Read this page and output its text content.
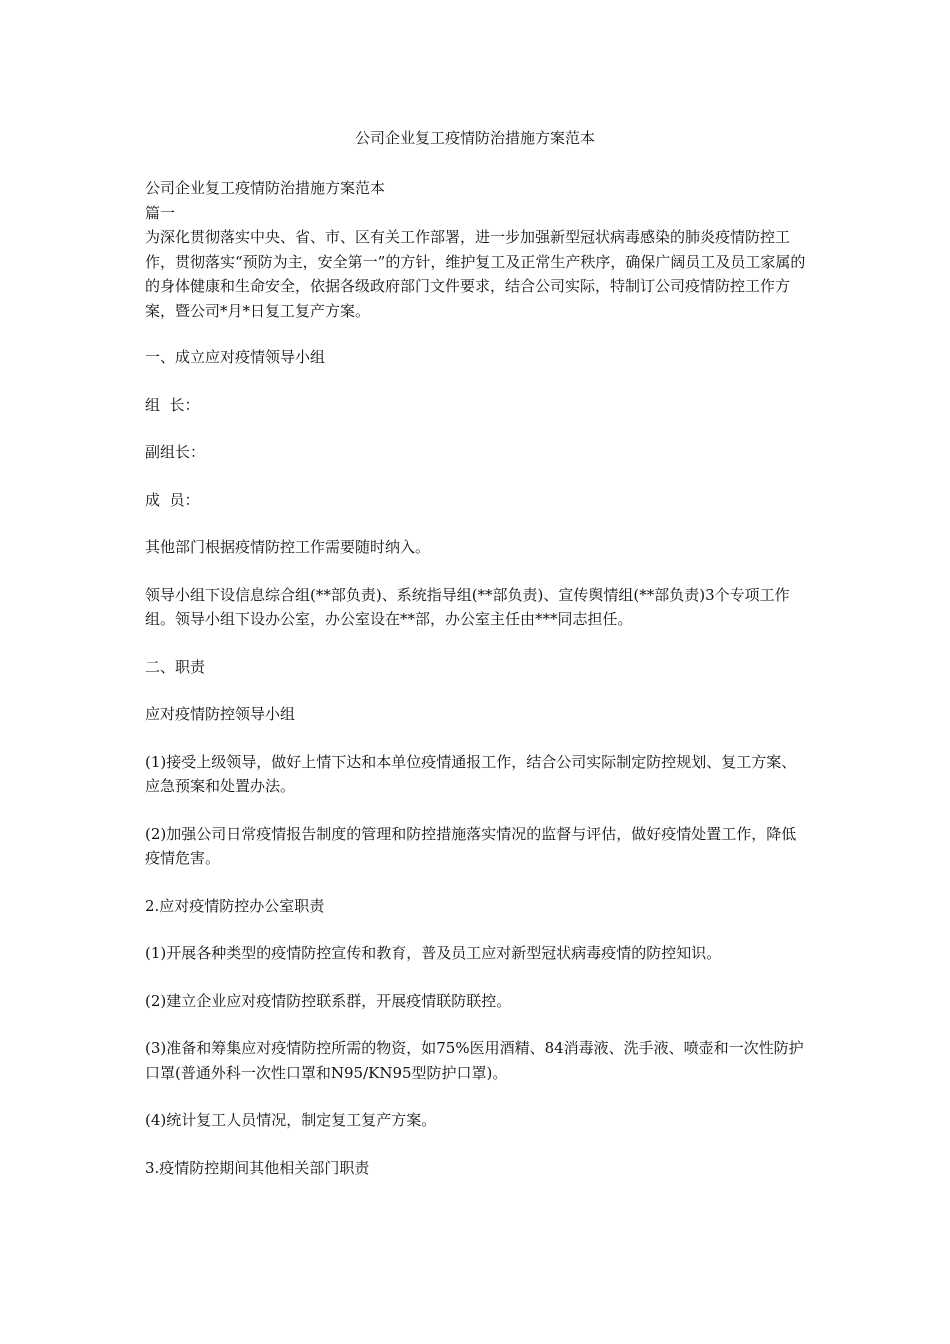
公司企业复工疫情防治措施方案范本

公司企业复工疫情防治措施方案范本

篇一

为深化贯彻落实中央、省、市、区有关工作部署，进一步加强新型冠状病毒感染的肺炎疫情防控工作，贯彻落实“预防为主，安全第一”的方针，维护复工及正常生产秩序，确保广阔员工及员工家属的的身体健康和生命安全，依据各级政府部门文件要求，结合公司实际，特制订公司疫情防控工作方案，暨公司*月*日复工复产方案。

一、成立应对疫情领导小组

组  长：

副组长：

成  员：

其他部门根据疫情防控工作需要随时纳入。

领导小组下设信息综合组(**部负责)、系统指导组(**部负责)、宣传舆情组(**部负责)3个专项工作组。领导小组下设办公室，办公室设在**部，办公室主任由***同志担任。

二、职责

应对疫情防控领导小组

(1)接受上级领导，做好上情下达和本单位疫情通报工作，结合公司实际制定防控规划、复工方案、应急预案和处置办法。

(2)加强公司日常疫情报告制度的管理和防控措施落实情况的监督与评估，做好疫情处置工作，降低疫情危害。

2.应对疫情防控办公室职责

(1)开展各种类型的疫情防控宣传和教育，普及员工应对新型冠状病毒疫情的防控知识。

(2)建立企业应对疫情防控联系群，开展疫情联防联控。

(3)准备和筹集应对疫情防控所需的物资，如75%医用酒精、84消毒液、洗手液、喷壶和一次性防护口罩(普通外科一次性口罩和N95/KN95型防护口罩)。

(4)统计复工人员情况，制定复工复产方案。

3.疫情防控期间其他相关部门职责
